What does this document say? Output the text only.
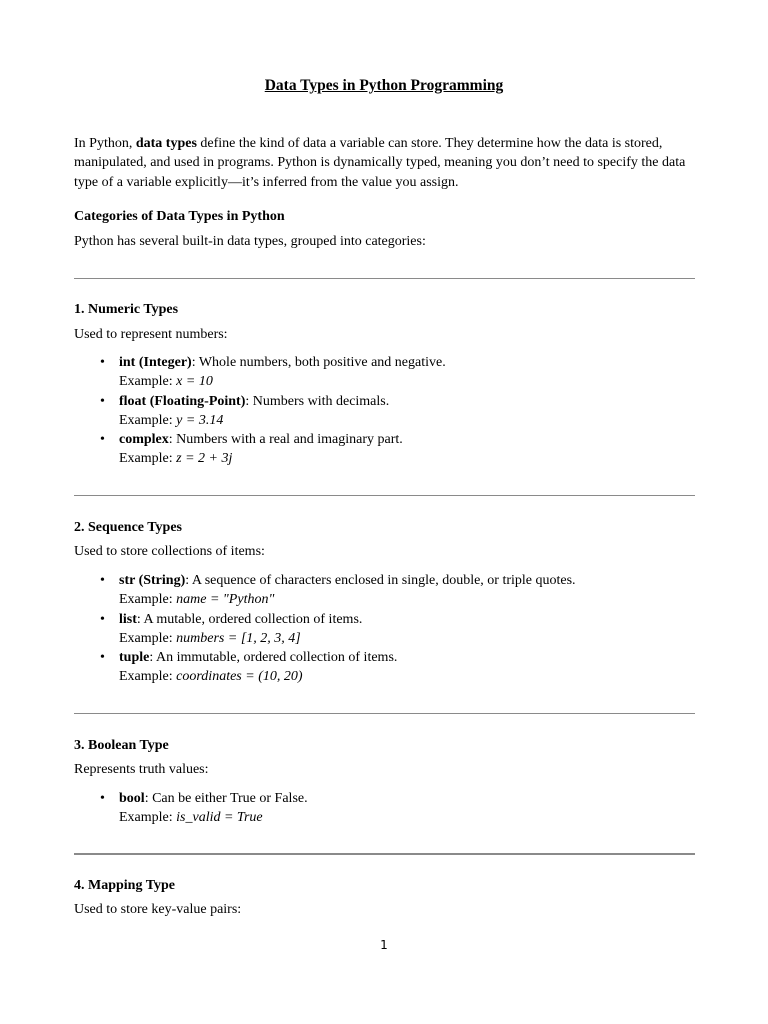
Data Types in Python Programming

In Python, data types define the kind of data a variable can store. They determine how the data is stored, manipulated, and used in programs. Python is dynamically typed, meaning you don’t need to specify the data type of a variable explicitly—it’s inferred from the value you assign.

Categories of Data Types in Python

Python has several built-in data types, grouped into categories:

1. Numeric Types

Used to represent numbers:

• int (Integer): Whole numbers, both positive and negative.
Example: x = 10
• float (Floating-Point): Numbers with decimals.
Example: y = 3.14
• complex: Numbers with a real and imaginary part.
Example: z = 2 + 3j

2. Sequence Types

Used to store collections of items:

• str (String): A sequence of characters enclosed in single, double, or triple quotes.
Example: name = "Python"
• list: A mutable, ordered collection of items.
Example: numbers = [1, 2, 3, 4]
• tuple: An immutable, ordered collection of items.
Example: coordinates = (10, 20)

3. Boolean Type

Represents truth values:

• bool: Can be either True or False.
Example: is_valid = True

4. Mapping Type

Used to store key-value pairs:

1
